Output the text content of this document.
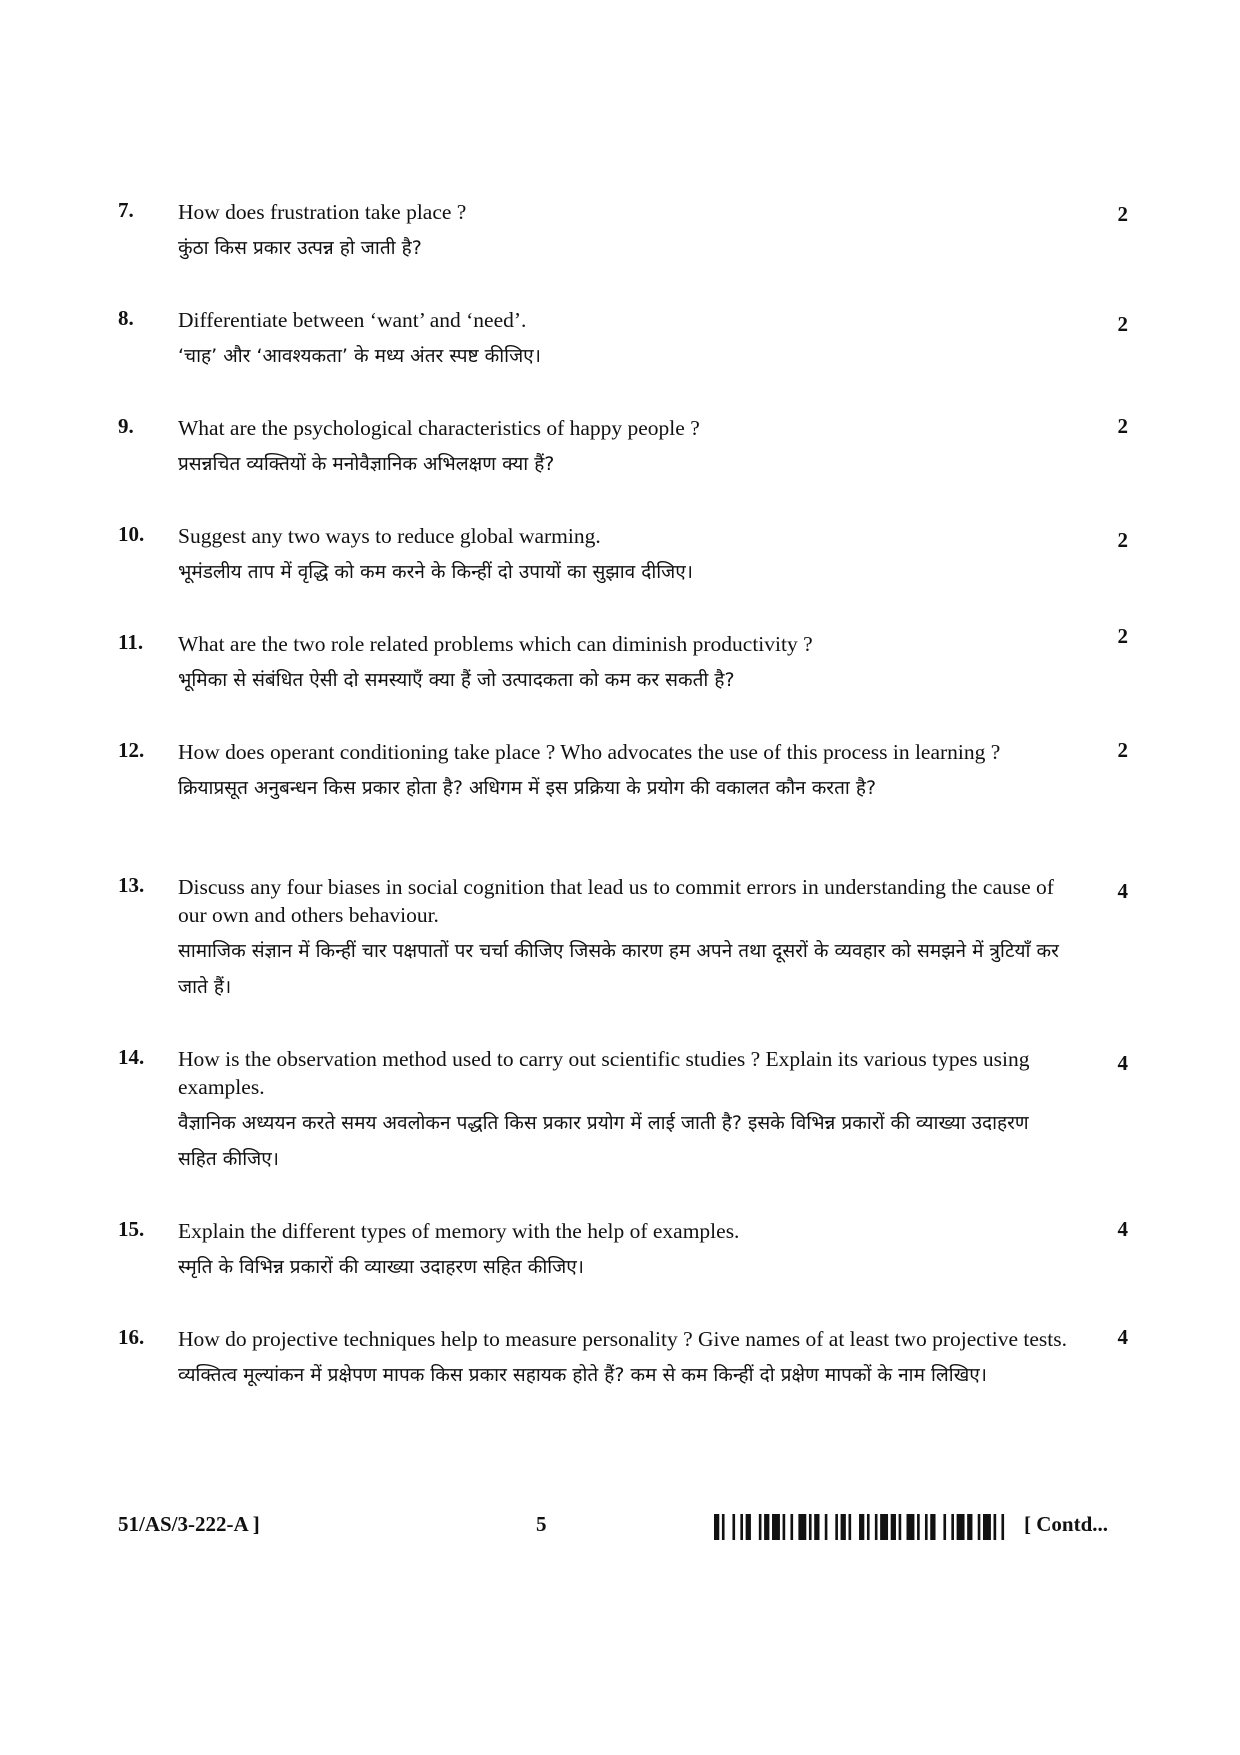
7. How does frustration take place ?
कुंठा किस प्रकार उत्पन्न हो जाती है?
2
8. Differentiate between ‘want’ and ‘need’.
‘चाह’ और ‘आवश्यकता’ के मध्य अंतर स्पष्ट कीजिए।
2
9. What are the psychological characteristics of happy people ?
प्रसन्नचित व्यक्तियों के मनोवैज्ञानिक अभिलक्षण क्या हैं?
2
10. Suggest any two ways to reduce global warming.
भूमंडलीय ताप में वृद्धि को कम करने के किन्हीं दो उपायों का सुझाव दीजिए।
2
11. What are the two role related problems which can diminish productivity ?
भूमिका से संबंधित ऐसी दो समस्याएँ क्या हैं जो उत्पादकता को कम कर सकती है?
2
12. How does operant conditioning take place ? Who advocates the use of this process in learning ?
क्रियाप्रसूत अनुबन्धन किस प्रकार होता है? अधिगम में इस प्रक्रिया के प्रयोग की वकालत कौन करता है?
2
13. Discuss any four biases in social cognition that lead us to commit errors in understanding the cause of our own and others behaviour.
सामाजिक संज्ञान में किन्हीं चार पक्षपातों पर चर्चा कीजिए जिसके कारण हम अपने तथा दूसरों के व्यवहार को समझने में त्रुटियाँ कर जाते हैं।
4
14. How is the observation method used to carry out scientific studies ? Explain its various types using examples.
वैज्ञानिक अध्ययन करते समय अवलोकन पद्धति किस प्रकार प्रयोग में लाई जाती है? इसके विभिन्न प्रकारों की व्याख्या उदाहरण सहित कीजिए।
4
15. Explain the different types of memory with the help of examples.
स्मृति के विभिन्न प्रकारों की व्याख्या उदाहरण सहित कीजिए।
4
16. How do projective techniques help to measure personality ? Give names of at least two projective tests.
व्यक्तित्व मूल्यांकन में प्रक्षेपण मापक किस प्रकार सहायक होते हैं? कम से कम किन्हीं दो प्रक्षेण मापकों के नाम लिखिए।
4
51/AS/3-222-A ]	5	[ Contd...
